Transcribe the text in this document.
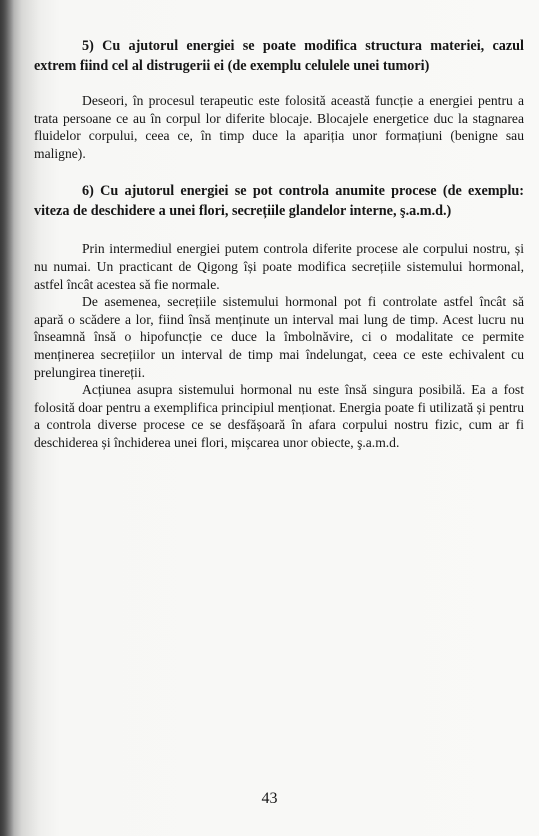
5) Cu ajutorul energiei se poate modifica structura materiei, cazul extrem fiind cel al distrugerii ei (de exemplu celulele unei tumori)

Deseori, în procesul terapeutic este folosită această funcție a energiei pentru a trata persoane ce au în corpul lor diferite blocaje. Blocajele energetice duc la stagnarea fluidelor corpului, ceea ce, în timp duce la apariția unor formațiuni (benigne sau maligne).

6) Cu ajutorul energiei se pot controla anumite procese (de exemplu: viteza de deschidere a unei flori, secrețiile glandelor interne, ş.a.m.d.)

Prin intermediul energiei putem controla diferite procese ale corpului nostru, și nu numai. Un practicant de Qigong își poate modifica secrețiile sistemului hormonal, astfel încât acestea să fie normale.

De asemenea, secrețiile sistemului hormonal pot fi controlate astfel încât să apară o scădere a lor, fiind însă menținute un interval mai lung de timp. Acest lucru nu înseamnă însă o hipofuncție ce duce la îmbolnăvire, ci o modalitate ce permite menținerea secrețiilor un interval de timp mai îndelungat, ceea ce este echivalent cu prelungirea tinereții.

Acțiunea asupra sistemului hormonal nu este însă singura posibilă. Ea a fost folosită doar pentru a exemplifica principiul menționat. Energia poate fi utilizată și pentru a controla diverse procese ce se desfășoară în afara corpului nostru fizic, cum ar fi deschiderea și închiderea unei flori, mișcarea unor obiecte, ş.a.m.d.

43
